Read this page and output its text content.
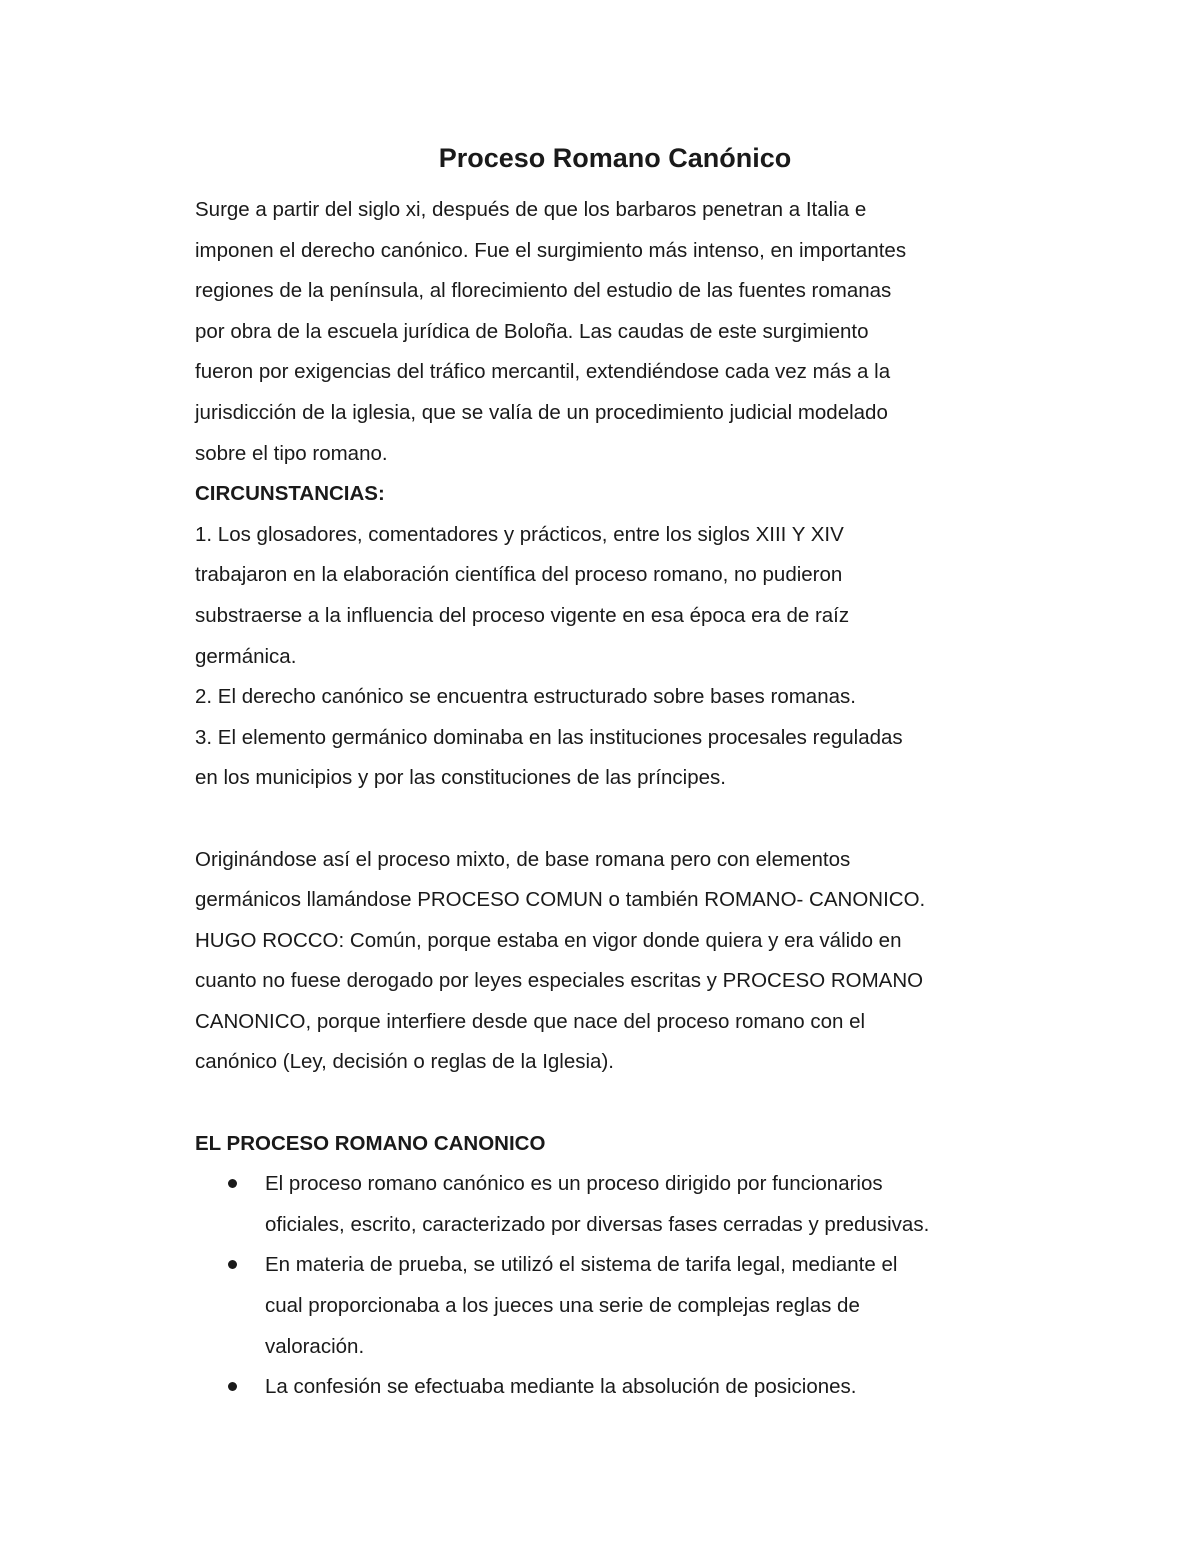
Proceso Romano Canónico

Surge a partir del siglo xi, después de que los barbaros penetran a Italia e

imponen el derecho canónico. Fue el surgimiento más intenso, en importantes

regiones de la península, al florecimiento del estudio de las fuentes romanas

por obra de la escuela jurídica de Boloña. Las caudas de este surgimiento

fueron por exigencias del tráfico mercantil, extendiéndose cada vez más a la

jurisdicción de la iglesia, que se valía de un procedimiento judicial modelado

sobre el tipo romano.

CIRCUNSTANCIAS:

1. Los glosadores, comentadores y prácticos, entre los siglos XIII Y XIV

trabajaron en la elaboración científica del proceso romano, no pudieron

substraerse a la influencia del proceso vigente en esa época era de raíz

germánica.

2. El derecho canónico se encuentra estructurado sobre bases romanas.

3. El elemento germánico dominaba en las instituciones procesales reguladas

en los municipios y por las constituciones de las príncipes.

Originándose así el proceso mixto, de base romana pero con elementos

germánicos llamándose PROCESO COMUN o también ROMANO- CANONICO.

HUGO ROCCO: Común, porque estaba en vigor donde quiera y era válido en

cuanto no fuese derogado por leyes especiales escritas y PROCESO ROMANO

CANONICO, porque interfiere desde que nace del proceso romano con el

canónico (Ley, decisión o reglas de la Iglesia).

EL PROCESO ROMANO CANONICO

El proceso romano canónico es un proceso dirigido por funcionarios

oficiales, escrito, caracterizado por diversas fases cerradas y predusivas.

En materia de prueba, se utilizó el sistema de tarifa legal, mediante el

cual proporcionaba a los jueces una serie de complejas reglas de

valoración.

La confesión se efectuaba mediante la absolución de posiciones.
